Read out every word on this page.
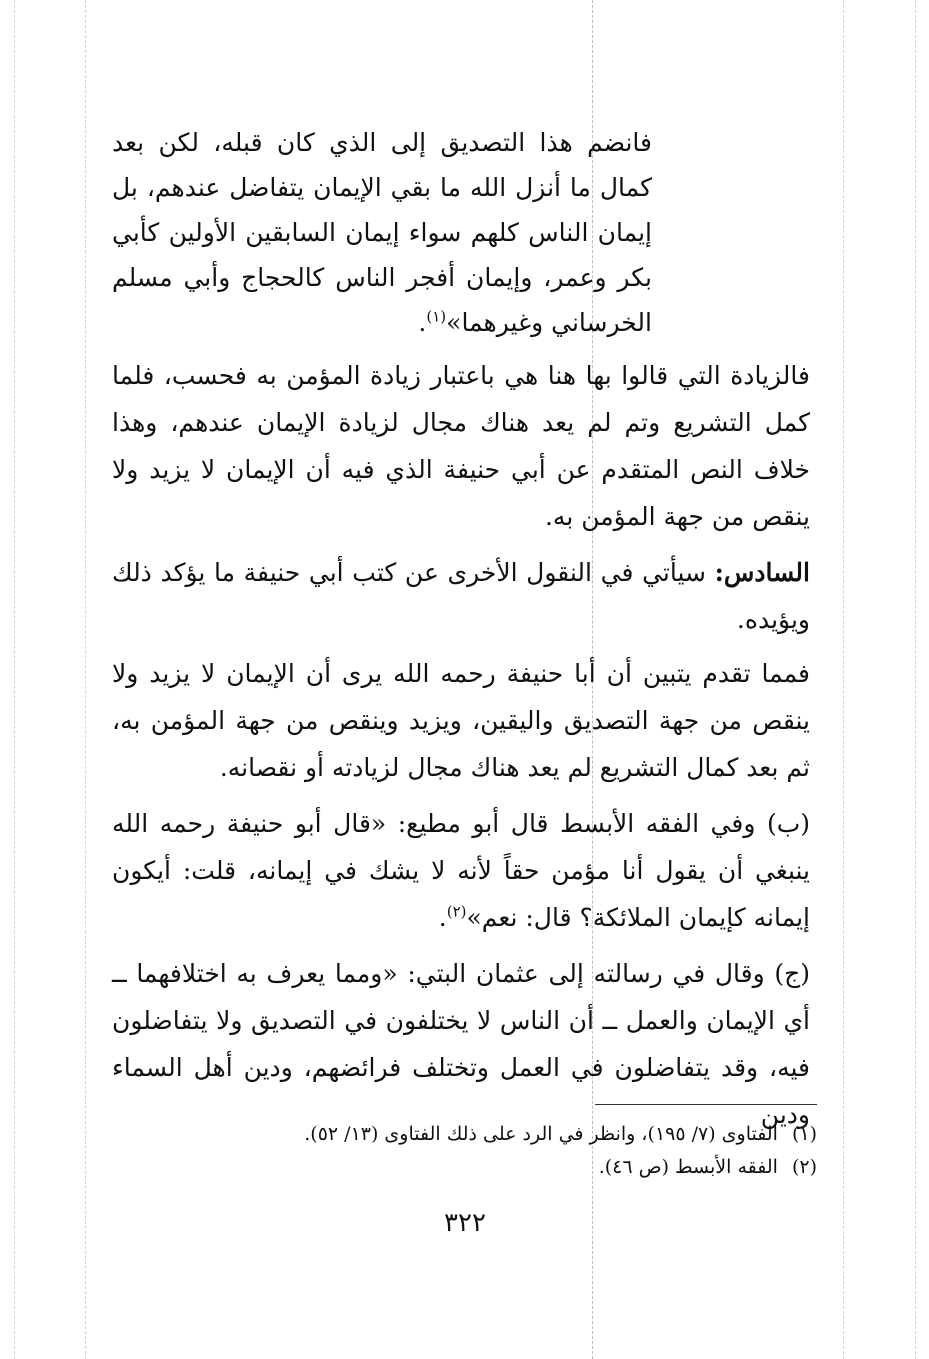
فانضم هذا التصديق إلى الذي كان قبله، لكن بعد كمال ما أنزل الله ما بقي الإيمان يتفاضل عندهم، بل إيمان الناس كلهم سواء إيمان السابقين الأولين كأبي بكر وعمر، وإيمان أفجر الناس كالحجاج وأبي مسلم الخرساني وغيرهما»$^{(١)}$.

فالزيادة التي قالوا بها هنا هي باعتبار زيادة المؤمن به فحسب، فلما كمل التشريع وتم لم يعد هناك مجال لزيادة الإيمان عندهم، وهذا خلاف النص المتقدم عن أبي حنيفة الذي فيه أن الإيمان لا يزيد ولا ينقص من جهة المؤمن به.

السادس: سيأتي في النقول الأخرى عن كتب أبي حنيفة ما يؤكد ذلك ويؤيده.

فمما تقدم يتبين أن أبا حنيفة رحمه الله يرى أن الإيمان لا يزيد ولا ينقص من جهة التصديق واليقين، ويزيد وينقص من جهة المؤمن به، ثم بعد كمال التشريع لم يعد هناك مجال لزيادته أو نقصانه.

(ب) وفي الفقه الأبسط قال أبو مطيع: «قال أبو حنيفة رحمه الله ينبغي أن يقول أنا مؤمن حقاً لأنه لا يشك في إيمانه، قلت: أيكون إيمانه كإيمان الملائكة؟ قال: نعم»$^{(٢)}$.

(ج) وقال في رسالته إلى عثمان البتي: «ومما يعرف به اختلافهما ــ أي الإيمان والعمل ــ أن الناس لا يختلفون في التصديق ولا يتفاضلون فيه، وقد يتفاضلون في العمل وتختلف فرائضهم، ودين أهل السماء ودين

(١)الفتاوى (٧/ ١٩٥)، وانظر في الرد على ذلك الفتاوى (١٣/ ٥٢).
(٢)الفقه الأبسط (ص ٤٦).
٣٢٢
